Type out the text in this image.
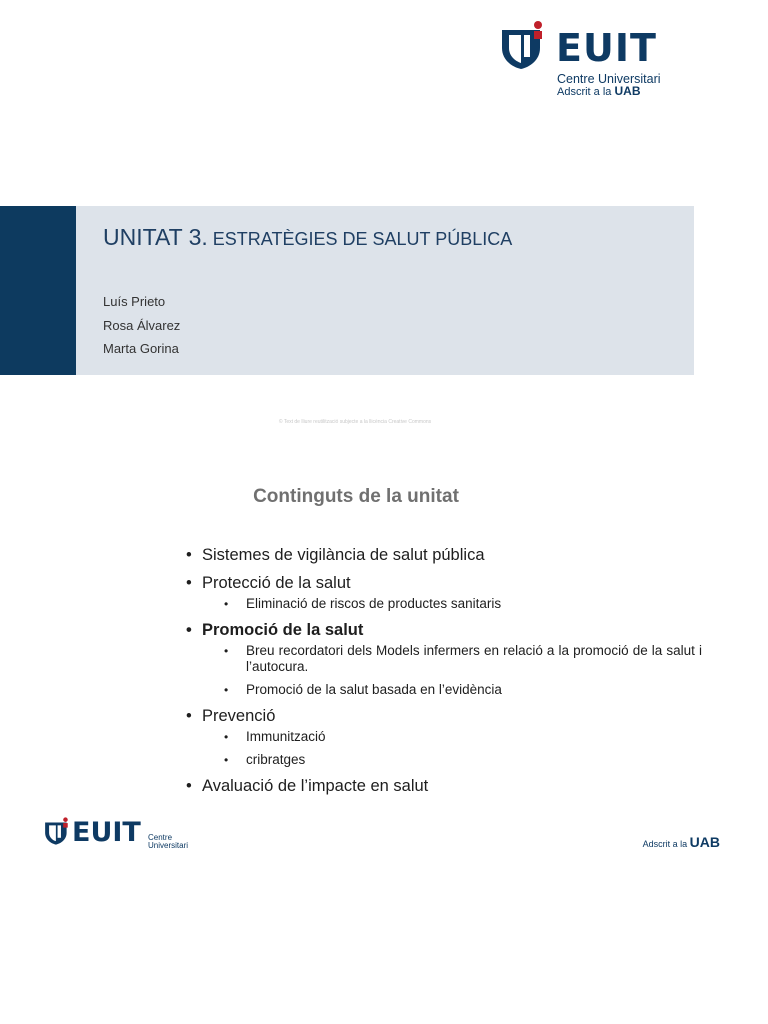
EUIT
Centre Universitari
Adscrit a la UAB
UNITAT 3. ESTRATÈGIES DE SALUT PÚBLICA
Luís Prieto
Rosa Álvarez
Marta Gorina
© Text de lliure reutilització subjecte a la llicència Creative Commons
Continguts de la unitat
• Sistemes de vigilància de salut pública
• Protecció de la salut
• Eliminació de riscos de productes sanitaris
• Promoció de la salut
• Breu recordatori dels Models infermers en relació a la promoció de la salut i l’autocura.
• Promoció de la salut basada en l’evidència
• Prevenció
• Immunització
• cribratges
• Avaluació de l’impacte en salut
EUIT Centre
Universitari	Adscrit a la UAB
